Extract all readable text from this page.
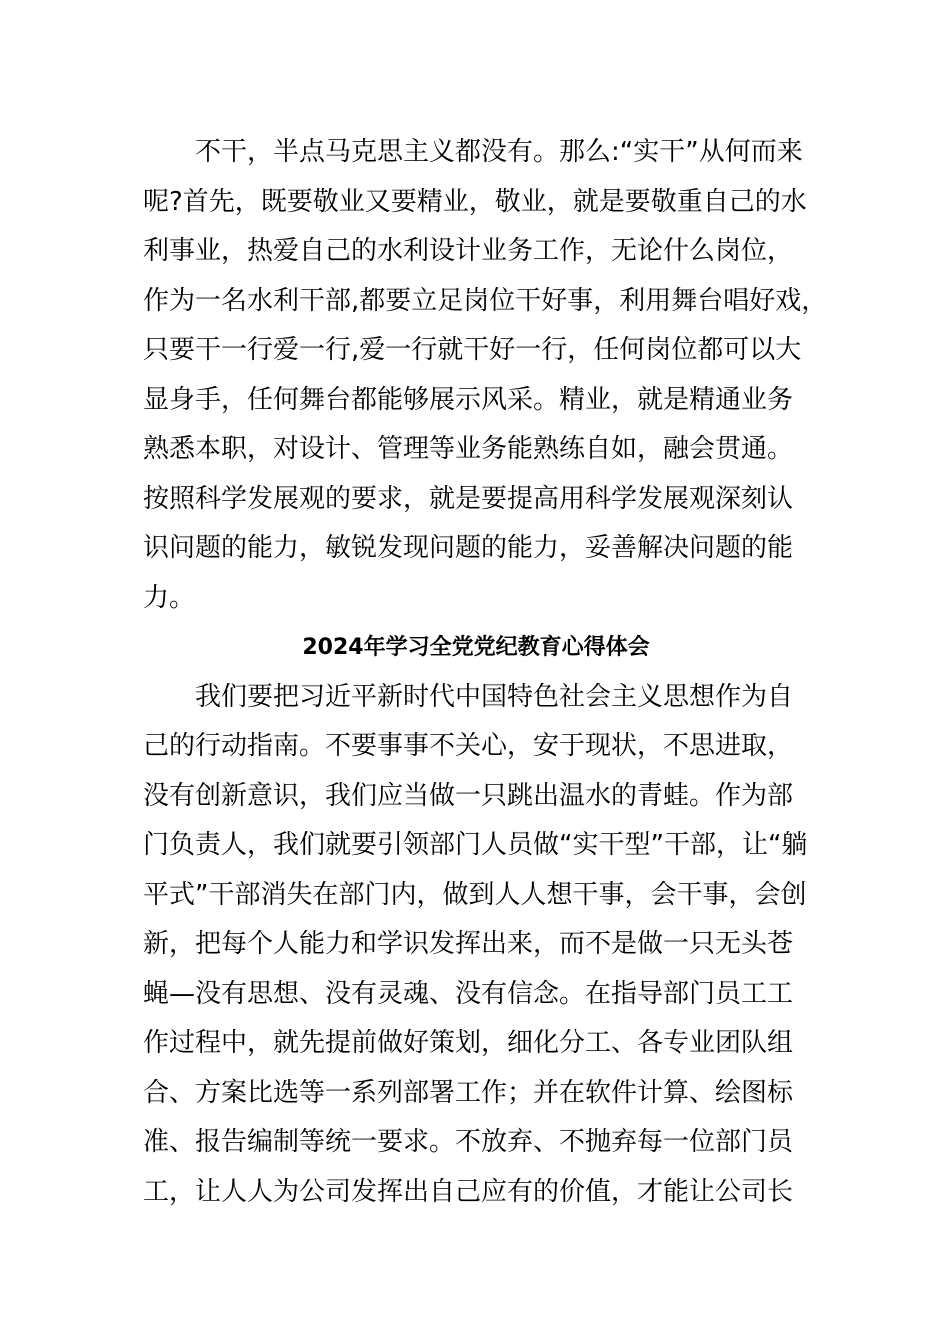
不干，半点马克思主义都没有。那么:“实干”从何而来
呢?首先，既要敬业又要精业，敬业，就是要敬重自己的水
利事业，热爱自己的水利设计业务工作，无论什么岗位，
作为一名水利干部,都要立足岗位干好事，利用舞台唱好戏，
只要干一行爱一行,爱一行就干好一行，任何岗位都可以大
显身手，任何舞台都能够展示风采。精业，就是精通业务
熟悉本职，对设计、管理等业务能熟练自如，融会贯通。
按照科学发展观的要求，就是要提高用科学发展观深刻认
识问题的能力，敏锐发现问题的能力，妥善解决问题的能
力。
2024年学习全党党纪教育心得体会
我们要把习近平新时代中国特色社会主义思想作为自
己的行动指南。不要事事不关心，安于现状，不思进取，
没有创新意识，我们应当做一只跳出温水的青蛙。作为部
门负责人，我们就要引领部门人员做“实干型”干部，让“躺
平式”干部消失在部门内，做到人人想干事，会干事，会创
新，把每个人能力和学识发挥出来，而不是做一只无头苍
蝇—没有思想、没有灵魂、没有信念。在指导部门员工工
作过程中，就先提前做好策划，细化分工、各专业团队组
合、方案比选等一系列部署工作；并在软件计算、绘图标
准、报告编制等统一要求。不放弃、不抛弃每一位部门员
工，让人人为公司发挥出自己应有的价值，才能让公司长
